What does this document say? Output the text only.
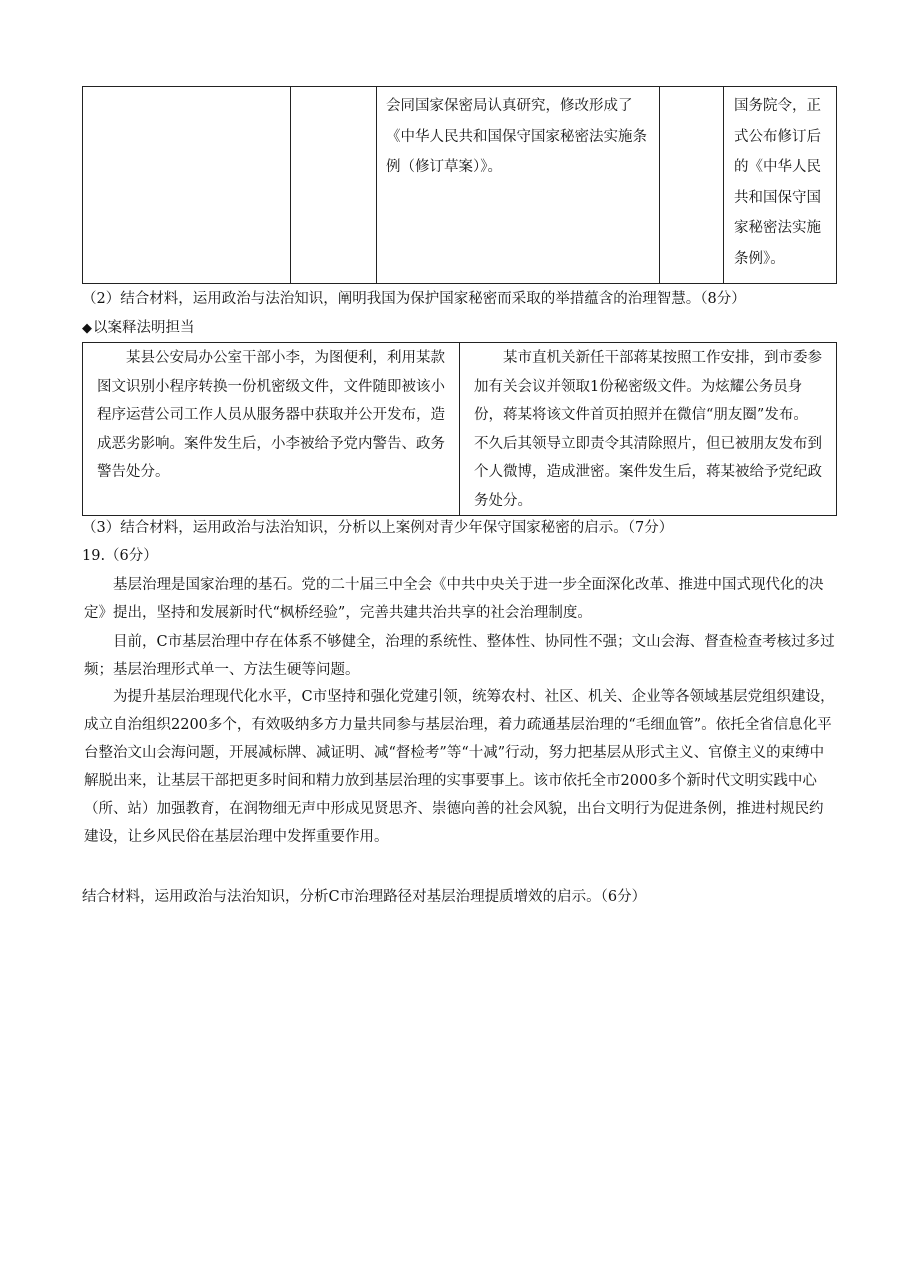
		会同国家保密局认真研究，修改形成了《中华人民共和国保守国家秘密法实施条例（修订草案）》。		国务院令，正式公布修订后的《中华人民共和国保守国家秘密法实施条例》。
（2）结合材料，运用政治与法治知识，阐明我国为保护国家秘密而采取的举措蕴含的治理智慧。（8分）
◆以案释法明担当
某县公安局办公室干部小李，为图便利，利用某款图文识别小程序转换一份机密级文件，文件随即被该小程序运营公司工作人员从服务器中获取并公开发布，造成恶劣影响。案件发生后，小李被给予党内警告、政务警告处分。	某市直机关新任干部蒋某按照工作安排，到市委参加有关会议并领取1份秘密级文件。为炫耀公务员身份，蒋某将该文件首页拍照并在微信“朋友圈”发布。不久后其领导立即责令其清除照片，但已被朋友发布到个人微博，造成泄密。案件发生后，蒋某被给予党纪政务处分。
（3）结合材料，运用政治与法治知识，分析以上案例对青少年保守国家秘密的启示。（7分）
19.（6分）

基层治理是国家治理的基石。党的二十届三中全会《中共中央关于进一步全面深化改革、推进中国式现代化的决定》提出，坚持和发展新时代“枫桥经验”，完善共建共治共享的社会治理制度。

目前，C市基层治理中存在体系不够健全，治理的系统性、整体性、协同性不强；文山会海、督查检查考核过多过频；基层治理形式单一、方法生硬等问题。

为提升基层治理现代化水平，C市坚持和强化党建引领，统筹农村、社区、机关、企业等各领域基层党组织建设，成立自治组织2200多个，有效吸纳多方力量共同参与基层治理，着力疏通基层治理的“毛细血管”。依托全省信息化平台整治文山会海问题，开展减标牌、减证明、减“督检考”等“十减”行动，努力把基层从形式主义、官僚主义的束缚中解脱出来，让基层干部把更多时间和精力放到基层治理的实事要事上。该市依托全市2000多个新时代文明实践中心（所、站）加强教育，在润物细无声中形成见贤思齐、崇德向善的社会风貌，出台文明行为促进条例，推进村规民约建设，让乡风民俗在基层治理中发挥重要作用。

结合材料，运用政治与法治知识，分析C市治理路径对基层治理提质增效的启示。（6分）
